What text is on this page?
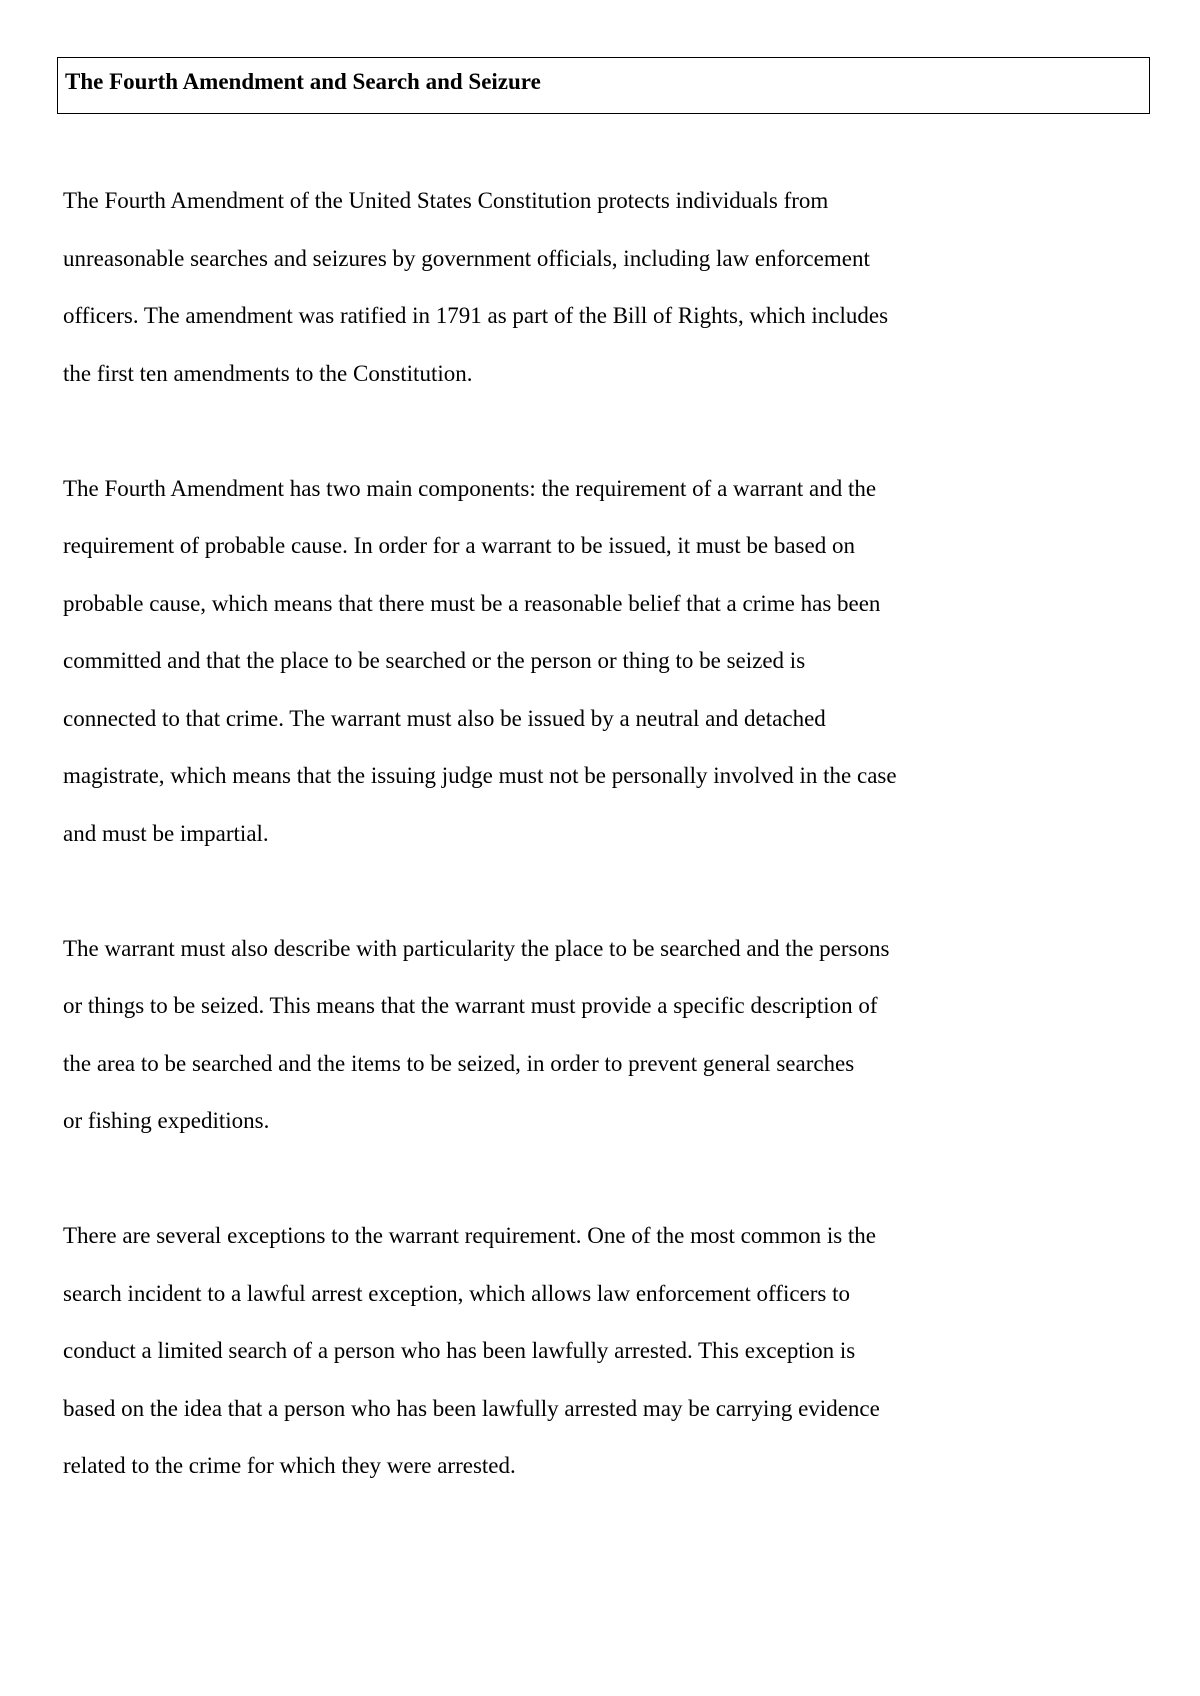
The Fourth Amendment and Search and Seizure
The Fourth Amendment of the United States Constitution protects individuals from
unreasonable searches and seizures by government officials, including law enforcement
officers. The amendment was ratified in 1791 as part of the Bill of Rights, which includes
the first ten amendments to the Constitution.
The Fourth Amendment has two main components: the requirement of a warrant and the
requirement of probable cause. In order for a warrant to be issued, it must be based on
probable cause, which means that there must be a reasonable belief that a crime has been
committed and that the place to be searched or the person or thing to be seized is
connected to that crime. The warrant must also be issued by a neutral and detached
magistrate, which means that the issuing judge must not be personally involved in the case
and must be impartial.
The warrant must also describe with particularity the place to be searched and the persons
or things to be seized. This means that the warrant must provide a specific description of
the area to be searched and the items to be seized, in order to prevent general searches
or fishing expeditions.
There are several exceptions to the warrant requirement. One of the most common is the
search incident to a lawful arrest exception, which allows law enforcement officers to
conduct a limited search of a person who has been lawfully arrested. This exception is
based on the idea that a person who has been lawfully arrested may be carrying evidence
related to the crime for which they were arrested.
